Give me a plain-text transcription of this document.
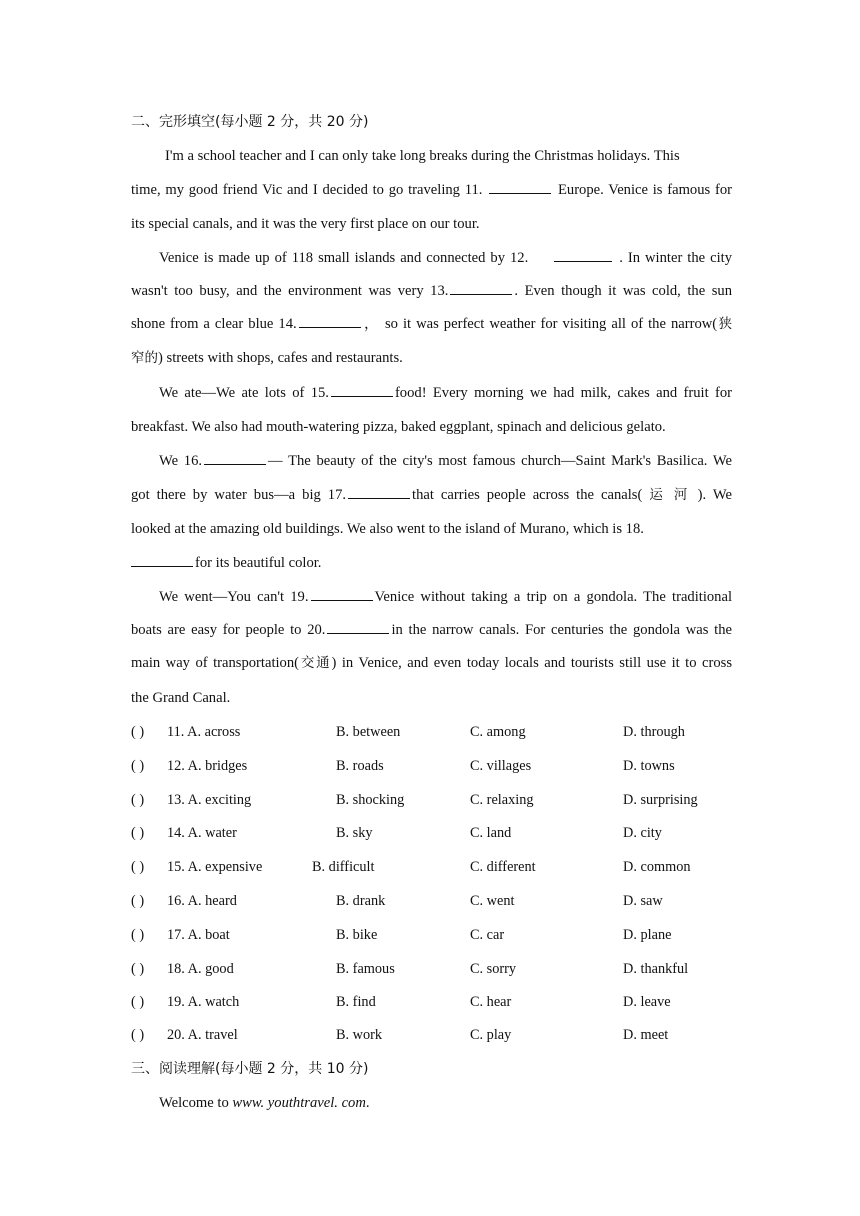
二、完形填空(每小题 2 分，共 20 分)
I'm a school teacher and I can only take long breaks during the Christmas holidays. This
time, my good friend Vic and I decided to go traveling 11.	Europe. Venice is famous for
its special canals, and it was the very first place on our tour.
Venice is made up of 118 small islands and connected by 12.	. In winter the city
wasn't too busy, and the environment was very 13.	. Even though it was cold, the sun
shone from a clear blue 14.	， so it was perfect weather for visiting all of the narrow(狭
窄的) streets with shops, cafes and restaurants.
We ate—We ate lots of 15.	food! Every morning we had milk, cakes and fruit for
breakfast. We also had mouth-watering pizza, baked eggplant, spinach and delicious gelato.
We 16.	— The beauty of the city's most famous church—Saint Mark's Basilica. We
got there by water bus—a big 17.	that carries people across the canals( 运 河 ). We
looked at the amazing old buildings. We also went to the island of Murano, which is 18.
for its beautiful color.
We went—You can't 19.	Venice without taking a trip on a gondola. The traditional
boats are easy for people to 20.	in the narrow canals. For centuries the gondola was the
main way of transportation(交通) in Venice, and even today locals and tourists still use it to cross
the Grand Canal.
( ) 11. A. across	B. between	C. among	D. through
( ) 12. A. bridges	B. roads	C. villages	D. towns
( ) 13. A. exciting	B. shocking	C. relaxing	D. surprising
( ) 14. A. water	B. sky	C. land	D. city
( ) 15. A. expensive	B. difficult	C. different	D. common
( ) 16. A. heard	B. drank	C. went	D. saw
( ) 17. A. boat	B. bike	C. car	D. plane
( ) 18. A. good	B. famous	C. sorry	D. thankful
( ) 19. A. watch	B. find	C. hear	D. leave
( ) 20. A. travel	B. work	C. play	D. meet
三、阅读理解(每小题 2 分，共 10 分)
Welcome to www. youthtravel. com.
